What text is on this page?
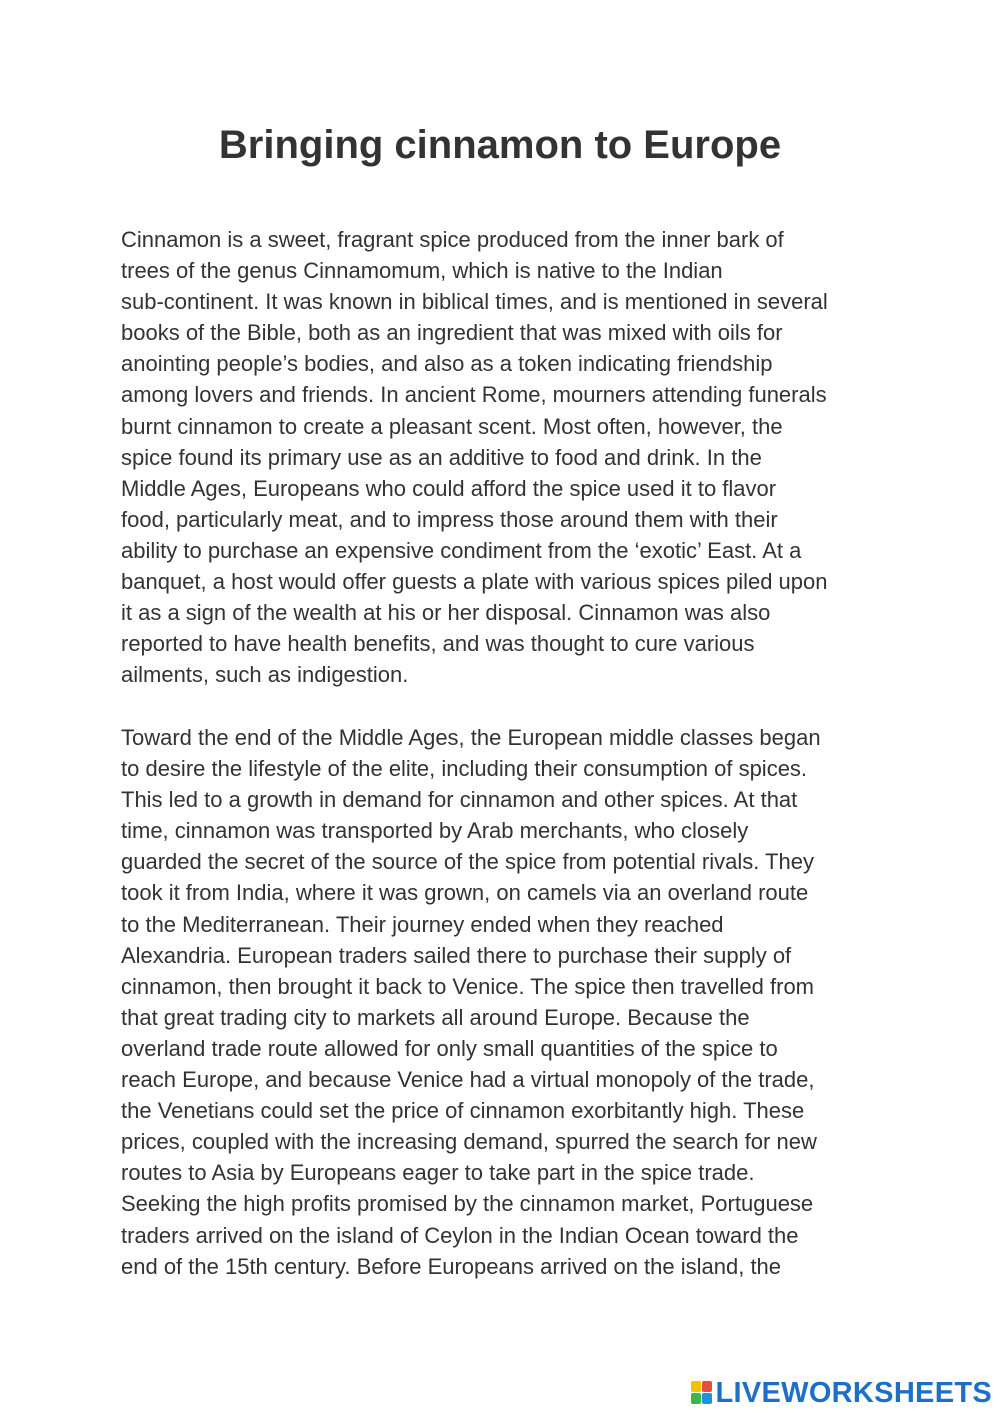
Bringing cinnamon to Europe

Cinnamon is a sweet, fragrant spice produced from the inner bark of
trees of the genus Cinnamomum, which is native to the Indian
sub-continent. It was known in biblical times, and is mentioned in several
books of the Bible, both as an ingredient that was mixed with oils for
anointing people’s bodies, and also as a token indicating friendship
among lovers and friends. In ancient Rome, mourners attending funerals
burnt cinnamon to create a pleasant scent. Most often, however, the
spice found its primary use as an additive to food and drink. In the
Middle Ages, Europeans who could afford the spice used it to flavor
food, particularly meat, and to impress those around them with their
ability to purchase an expensive condiment from the ‘exotic’ East. At a
banquet, a host would offer guests a plate with various spices piled upon
it as a sign of the wealth at his or her disposal. Cinnamon was also
reported to have health benefits, and was thought to cure various
ailments, such as indigestion.

Toward the end of the Middle Ages, the European middle classes began
to desire the lifestyle of the elite, including their consumption of spices.
This led to a growth in demand for cinnamon and other spices. At that
time, cinnamon was transported by Arab merchants, who closely
guarded the secret of the source of the spice from potential rivals. They
took it from India, where it was grown, on camels via an overland route
to the Mediterranean. Their journey ended when they reached
Alexandria. European traders sailed there to purchase their supply of
cinnamon, then brought it back to Venice. The spice then travelled from
that great trading city to markets all around Europe. Because the
overland trade route allowed for only small quantities of the spice to
reach Europe, and because Venice had a virtual monopoly of the trade,
the Venetians could set the price of cinnamon exorbitantly high. These
prices, coupled with the increasing demand, spurred the search for new
routes to Asia by Europeans eager to take part in the spice trade.
Seeking the high profits promised by the cinnamon market, Portuguese
traders arrived on the island of Ceylon in the Indian Ocean toward the
end of the 15th century. Before Europeans arrived on the island, the

LIVEWORKSHEETS
